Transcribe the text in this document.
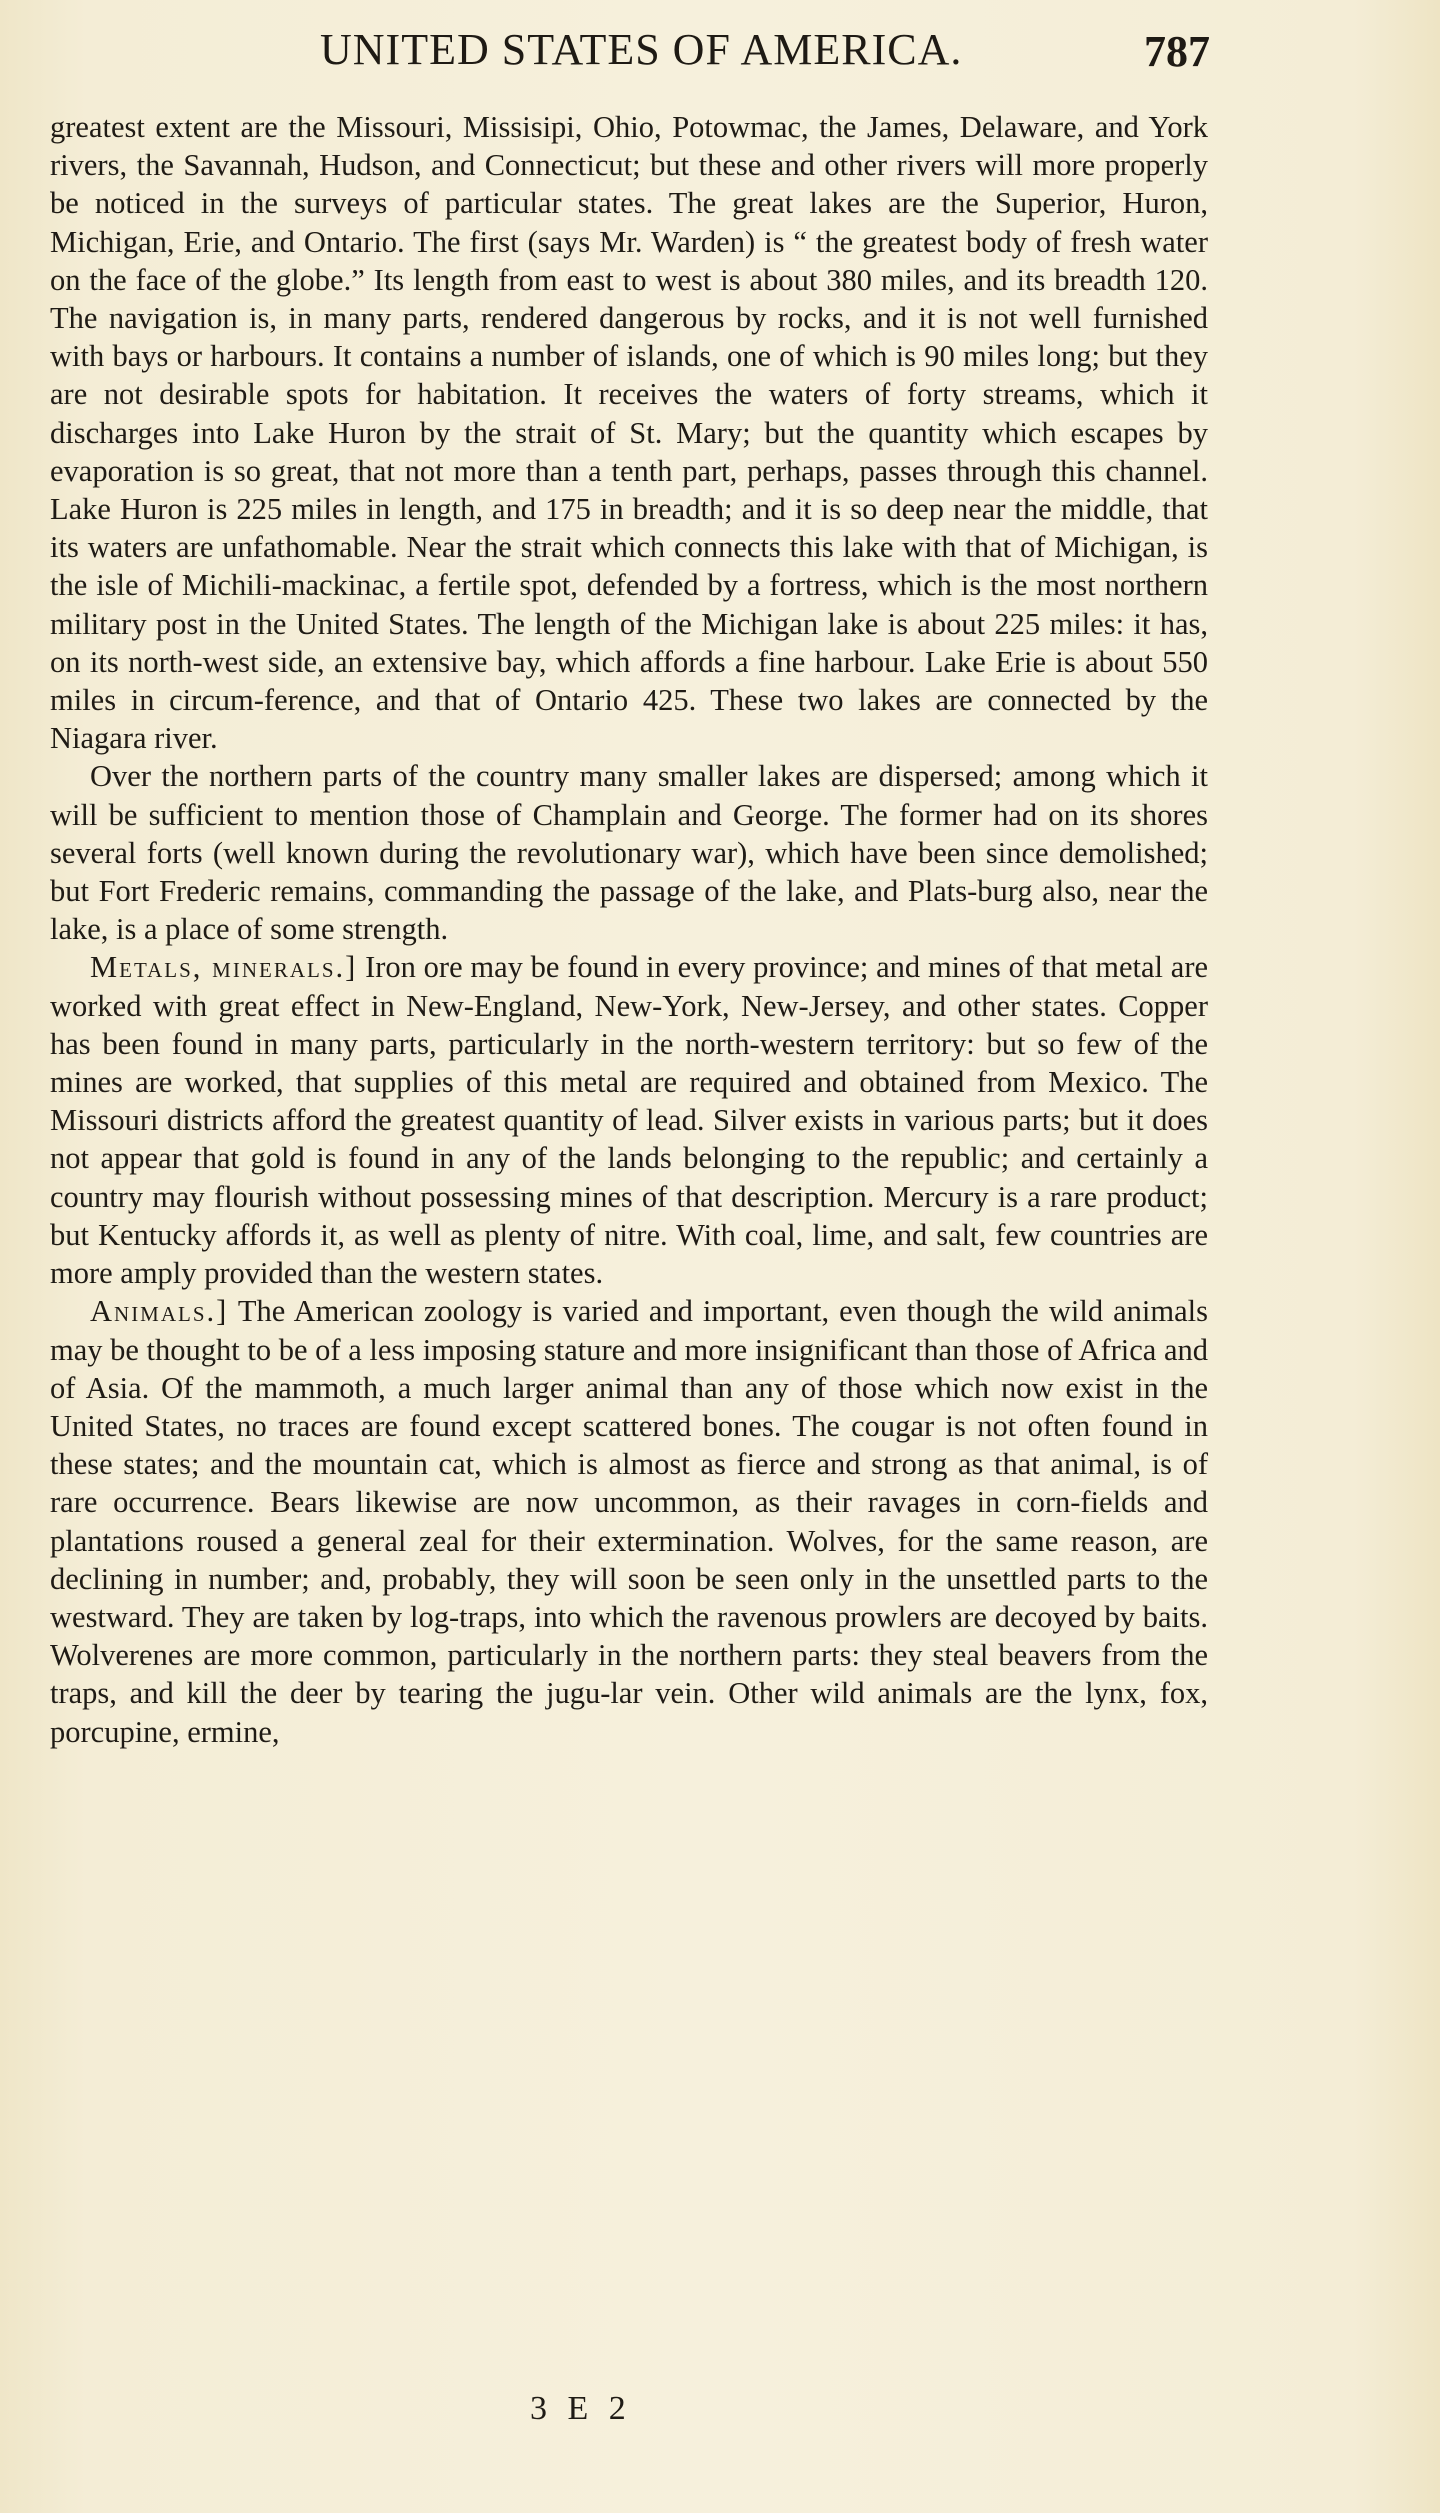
UNITED STATES OF AMERICA.	787

greatest extent are the Missouri, Missisipi, Ohio, Potowmac, the James, Delaware, and York rivers, the Savannah, Hudson, and Connecticut; but these and other rivers will more properly be noticed in the surveys of particular states. The great lakes are the Superior, Huron, Michigan, Erie, and Ontario. The first (says Mr. Warden) is “ the greatest body of fresh water on the face of the globe.” Its length from east to west is about 380 miles, and its breadth 120. The navigation is, in many parts, rendered dangerous by rocks, and it is not well furnished with bays or harbours. It contains a number of islands, one of which is 90 miles long; but they are not desirable spots for habitation. It receives the waters of forty streams, which it discharges into Lake Huron by the strait of St. Mary; but the quantity which escapes by evaporation is so great, that not more than a tenth part, perhaps, passes through this channel. Lake Huron is 225 miles in length, and 175 in breadth; and it is so deep near the middle, that its waters are unfathomable. Near the strait which connects this lake with that of Michigan, is the isle of Michili-mackinac, a fertile spot, defended by a fortress, which is the most northern military post in the United States. The length of the Michigan lake is about 225 miles: it has, on its north-west side, an extensive bay, which affords a fine harbour. Lake Erie is about 550 miles in circum-ference, and that of Ontario 425. These two lakes are connected by the Niagara river.

Over the northern parts of the country many smaller lakes are dispersed; among which it will be sufficient to mention those of Champlain and George. The former had on its shores several forts (well known during the revolutionary war), which have been since demolished; but Fort Frederic remains, commanding the passage of the lake, and Plats-burg also, near the lake, is a place of some strength.

Metals, minerals.] Iron ore may be found in every province; and mines of that metal are worked with great effect in New-England, New-York, New-Jersey, and other states. Copper has been found in many parts, particularly in the north-western territory: but so few of the mines are worked, that supplies of this metal are required and obtained from Mexico. The Missouri districts afford the greatest quantity of lead. Silver exists in various parts; but it does not appear that gold is found in any of the lands belonging to the republic; and certainly a country may flourish without possessing mines of that description. Mercury is a rare product; but Kentucky affords it, as well as plenty of nitre. With coal, lime, and salt, few countries are more amply provided than the western states.

Animals.] The American zoology is varied and important, even though the wild animals may be thought to be of a less imposing stature and more insignificant than those of Africa and of Asia. Of the mammoth, a much larger animal than any of those which now exist in the United States, no traces are found except scattered bones. The cougar is not often found in these states; and the mountain cat, which is almost as fierce and strong as that animal, is of rare occurrence. Bears likewise are now uncommon, as their ravages in corn-fields and plantations roused a general zeal for their extermination. Wolves, for the same reason, are declining in number; and, probably, they will soon be seen only in the unsettled parts to the westward. They are taken by log-traps, into which the ravenous prowlers are decoyed by baits. Wolverenes are more common, particularly in the northern parts: they steal beavers from the traps, and kill the deer by tearing the jugu-lar vein. Other wild animals are the lynx, fox, porcupine, ermine,

3 E 2
